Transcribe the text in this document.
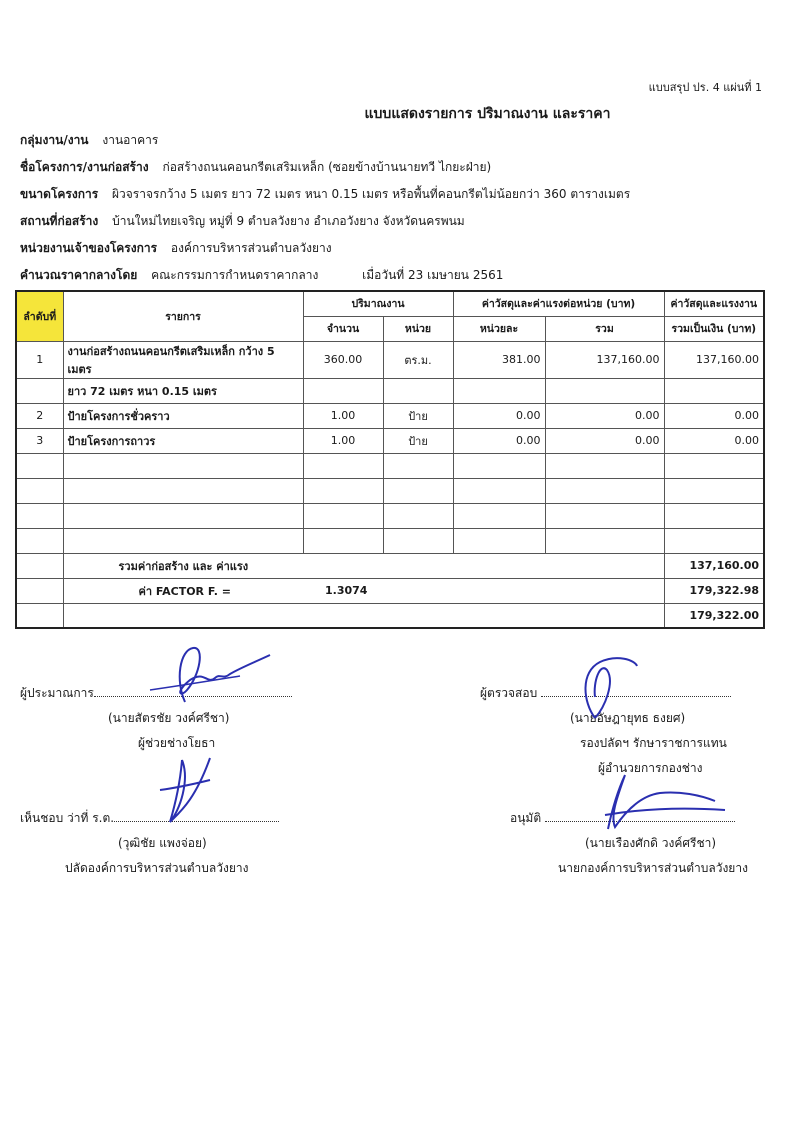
แบบสรุป ปร. 4 แผ่นที่ 1
แบบแสดงรายการ ปริมาณงาน และราคา
กลุ่มงาน/งาน งานอาคาร
ชื่อโครงการ/งานก่อสร้าง ก่อสร้างถนนคอนกรีตเสริมเหล็ก (ซอยข้างบ้านนายทวี ไกยะฝ่าย)
ขนาดโครงการ ผิวจราจรกว้าง 5 เมตร ยาว 72 เมตร หนา 0.15 เมตร หรือพื้นที่คอนกรีตไม่น้อยกว่า 360 ตารางเมตร
สถานที่ก่อสร้าง บ้านใหม่ไทยเจริญ หมู่ที่ 9 ตำบลวังยาง อำเภอวังยาง จังหวัดนครพนม
หน่วยงานเจ้าของโครงการ องค์การบริหารส่วนตำบลวังยาง
คำนวณราคากลางโดย คณะกรรมการกำหนดราคากลาง	เมื่อวันที่ 23 เมษายน 2561
ลำดับที่	รายการ	ปริมาณงาน		ค่าวัสดุและค่าแรงต่อหน่วย (บาท)		ค่าวัสดุและแรงงาน
		จำนวน	หน่วย	หน่วยละ	รวม	รวมเป็นเงิน (บาท)
1	งานก่อสร้างถนนคอนกรีตเสริมเหล็ก กว้าง 5 เมตร	360.00	ตร.ม.	381.00	137,160.00	137,160.00
	ยาว 72 เมตร หนา 0.15 เมตร					
2	ป้ายโครงการชั่วคราว	1.00	ป้าย	0.00	0.00	0.00
3	ป้ายโครงการถาวร	1.00	ป้าย	0.00	0.00	0.00

	รวมค่าก่อสร้าง และ ค่าแรง					137,160.00
	ค่า FACTOR F. =	1.3074				179,322.98
						179,322.00
ผู้ประมาณการ
(นายสัตรชัย วงค์ศรีชา)
ผู้ช่วยช่างโยธา
ผู้ตรวจสอบ
(นายอัษฎายุทธ ธงยศ)
รองปลัดฯ รักษาราชการแทน
ผู้อำนวยการกองช่าง
เห็นชอบ ว่าที่ ร.ต.
(วุฒิชัย แพงจ่อย)
ปลัดองค์การบริหารส่วนตำบลวังยาง
อนุมัติ
(นายเรืองศักดิ วงค์ศรีชา)
นายกองค์การบริหารส่วนตำบลวังยาง
